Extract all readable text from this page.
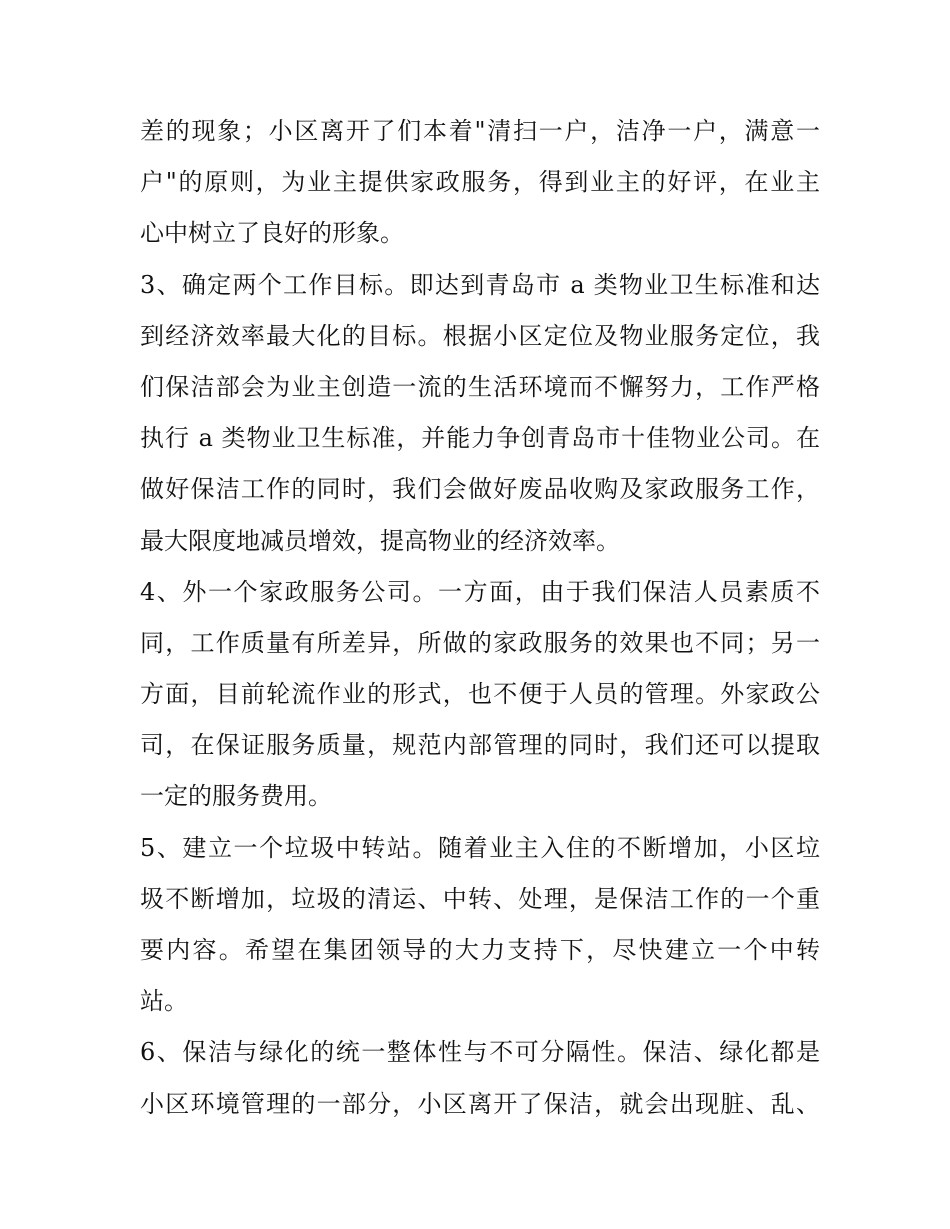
差的现象；小区离开了们本着"清扫一户，洁净一户，满意一
户"的原则，为业主提供家政服务，得到业主的好评，在业主
心中树立了良好的形象。
3、确定两个工作目标。即达到青岛市 a 类物业卫生标准和达
到经济效率最大化的目标。根据小区定位及物业服务定位，我
们保洁部会为业主创造一流的生活环境而不懈努力，工作严格
执行 a 类物业卫生标准，并能力争创青岛市十佳物业公司。在
做好保洁工作的同时，我们会做好废品收购及家政服务工作，
最大限度地减员增效，提高物业的经济效率。
4、外一个家政服务公司。一方面，由于我们保洁人员素质不
同，工作质量有所差异，所做的家政服务的效果也不同；另一
方面，目前轮流作业的形式，也不便于人员的管理。外家政公
司，在保证服务质量，规范内部管理的同时，我们还可以提取
一定的服务费用。
5、建立一个垃圾中转站。随着业主入住的不断增加，小区垃
圾不断增加，垃圾的清运、中转、处理，是保洁工作的一个重
要内容。希望在集团领导的大力支持下，尽快建立一个中转
站。
6、保洁与绿化的统一整体性与不可分隔性。保洁、绿化都是
小区环境管理的一部分，小区离开了保洁，就会出现脏、乱、
